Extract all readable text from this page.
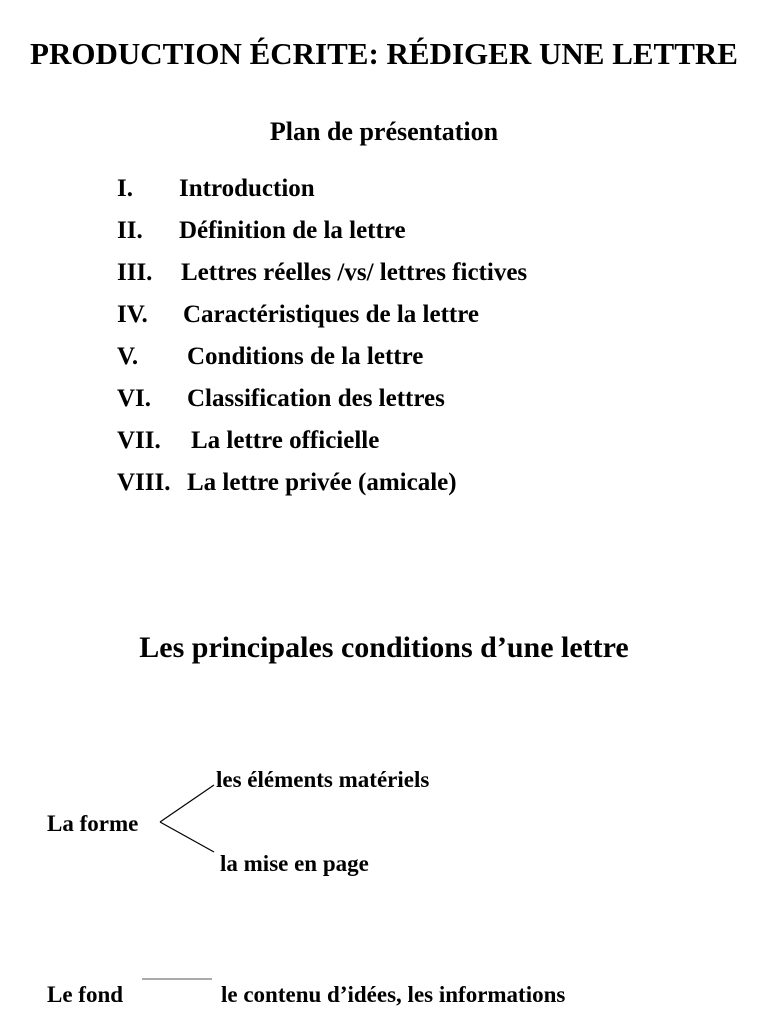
PRODUCTION ÉCRITE: RÉDIGER UNE LETTRE
Plan de présentation
I. Introduction
II. Définition de la lettre
III. Lettres réelles /vs/ lettres fictives
IV. Caractéristiques de la lettre
V. Conditions de la lettre
VI. Classification des lettres
VII. La lettre officielle
VIII. La lettre privée (amicale)
Les principales conditions d’une lettre
les éléments matériels
La forme
la mise en page
Le fond	le contenu d’idées, les informations
